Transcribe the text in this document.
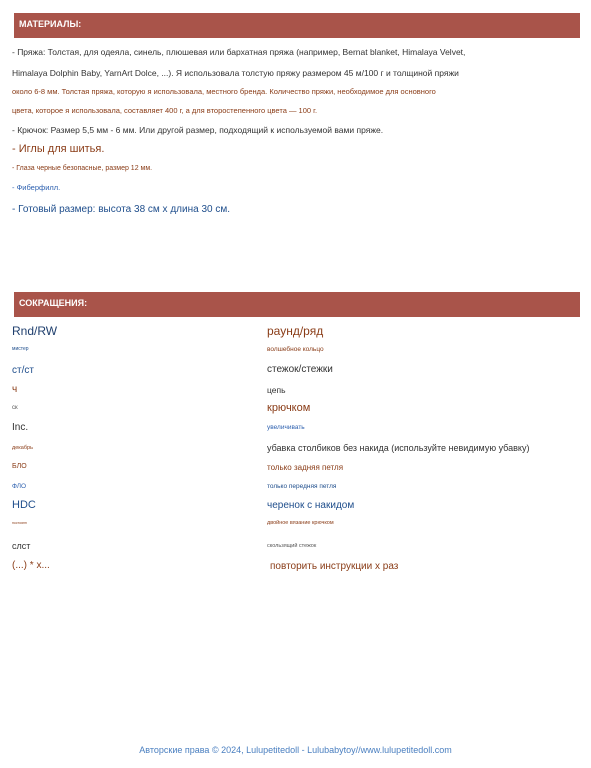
МАТЕРИАЛЫ:
- Пряжа: Толстая, для одеяла, синель, плюшевая или бархатная пряжа (например, Bernat blanket, Himalaya Velvet,
Himalaya Dolphin Baby, YarnArt Dolce, ...). Я использовала толстую пряжу размером 45 м/100 г и толщиной пряжи
около 6-8 мм. Толстая пряжа, которую я использовала, местного бренда. Количество пряжи, необходимое для основного
цвета, которое я использовала, составляет 400 г, а для второстепенного цвета — 100 г.
- Крючок: Размер 5,5 мм - 6 мм. Или другой размер, подходящий к используемой вами пряже.
- Иглы для шитья.
- Глаза черные безопасные, размер 12 мм.
- Фиберфилл.
- Готовый размер: высота 38 см х длина 30 см.
СОКРАЩЕНИЯ:
Rnd/RW	раунд/ряд
мистер	волшебное кольцо
ст/ст	стежок/стежки
ч	цепь
ск	крючком
Inc.	увеличивать
декабрь	убавка столбиков без накида (используйте невидимую убавку)
БЛО	только задняя петля
ФЛО	только передняя петля
HDC	черенок с накидом
постоянн	двойное вязание крючком
слст	скользящий стежок
(...) * х...	повторить инструкции х раз
Авторские права © 2024, Lulupetitedoll - Lulubabytoy//www.lulupetitedoll.com
